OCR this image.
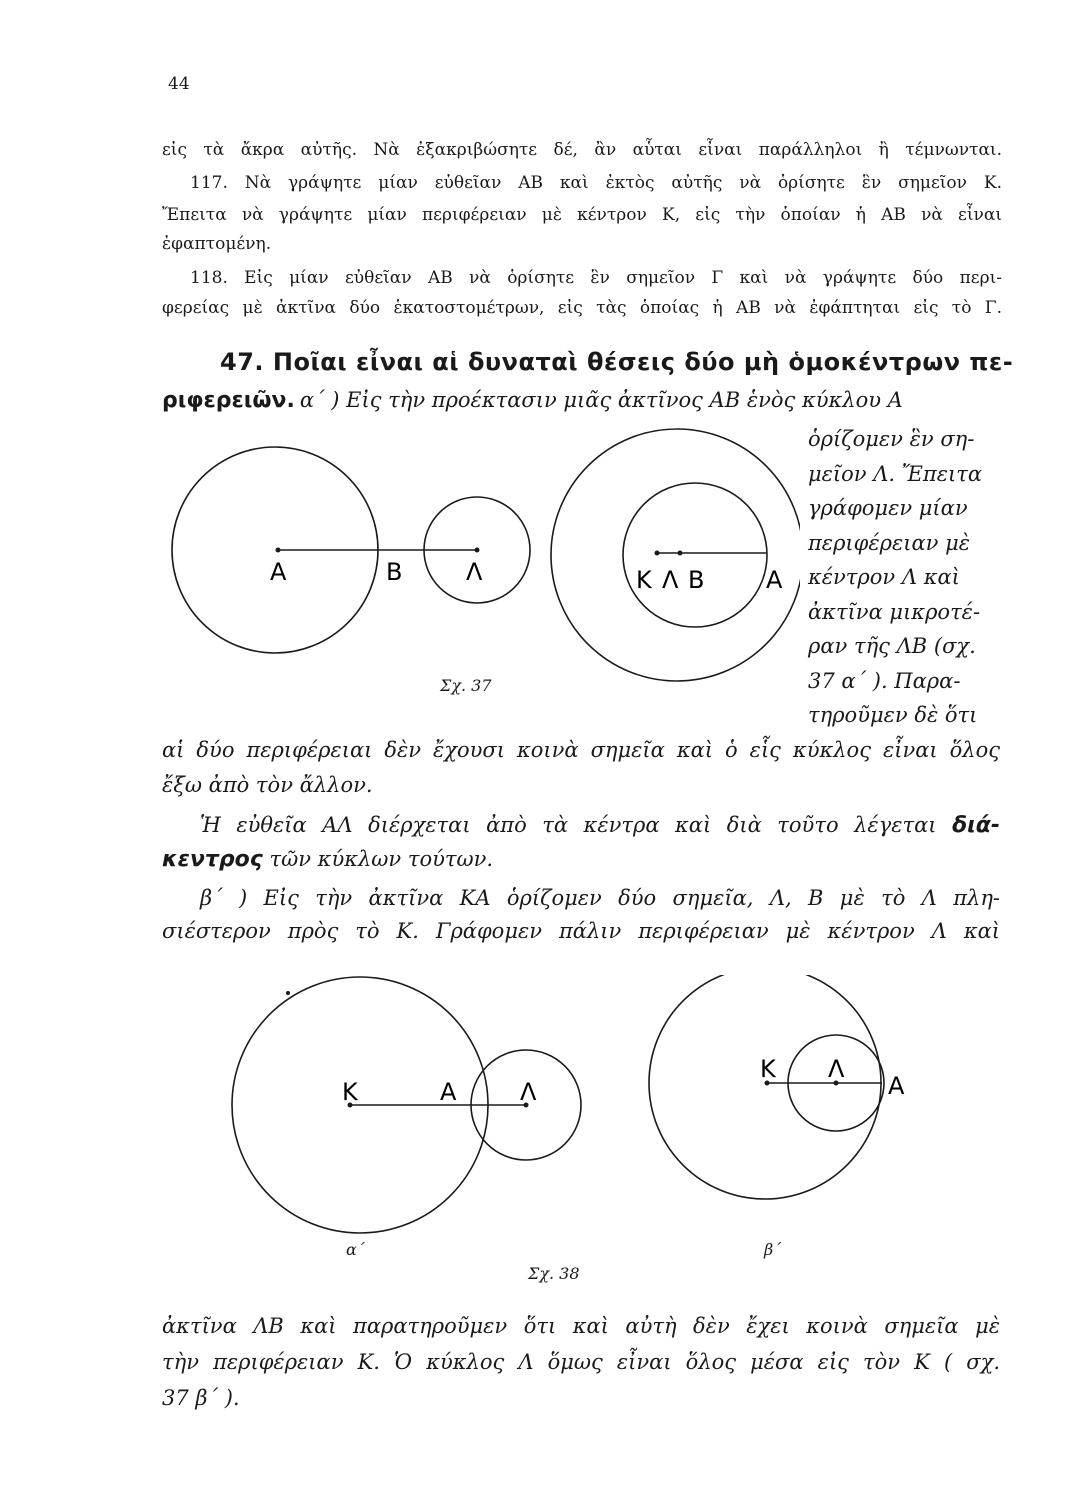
44
εἰς τὰ ἄκρα αὐτῆς. Νὰ ἐξακριβώσητε δέ, ἂν αὗται εἶναι παράλληλοι ἢ τέμνωνται.
117. Νὰ γράψητε μίαν εὐθεῖαν ΑΒ καὶ ἐκτὸς αὐτῆς νὰ ὁρίσητε ἓν σημεῖον Κ.
Ἔπειτα νὰ γράψητε μίαν περιφέρειαν μὲ κέντρον Κ, εἰς τὴν ὁποίαν ἡ ΑΒ νὰ εἶναι
ἐφαπτομένη.
118. Εἰς μίαν εὐθεῖαν ΑΒ νὰ ὁρίσητε ἓν σημεῖον Γ καὶ νὰ γράψητε δύο περι-
φερείας μὲ ἀκτῖνα δύο ἑκατοστομέτρων, εἰς τὰς ὁποίας ἡ ΑΒ νὰ ἐφάπτηται εἰς τὸ Γ.
47. Ποῖαι εἶναι αἱ δυναταὶ θέσεις δύο μὴ ὁμοκέντρων πε-
ριφερειῶν. α΄ ) Εἰς τὴν προέκτασιν μιᾶς ἀκτῖνος ΑΒ ἑνὸς κύκλου Α
ὁρίζομεν ἓν ση-
μεῖον Λ. Ἔπειτα
γράφομεν μίαν
περιφέρειαν μὲ
κέντρον Λ καὶ
ἀκτῖνα μικροτέ-
ραν τῆς ΛΒ (σχ.
37 α΄ ). Παρα-
τηροῦμεν δὲ ὅτι
Α	Β	Λ	Κ Λ Β	Α
Σχ. 37
αἱ δύο περιφέρειαι δὲν ἔχουσι κοινὰ σημεῖα καὶ ὁ εἷς κύκλος εἶναι ὅλος
ἔξω ἀπὸ τὸν ἄλλον.
Ἡ εὐθεῖα ΑΛ διέρχεται ἀπὸ τὰ κέντρα καὶ διὰ τοῦτο λέγεται διά-
κεντρος τῶν κύκλων τούτων.
β΄ ) Εἰς τὴν ἀκτῖνα ΚΑ ὁρίζομεν δύο σημεῖα, Λ, Β μὲ τὸ Λ πλη-
σιέστερον πρὸς τὸ Κ. Γράφομεν πάλιν περιφέρειαν μὲ κέντρον Λ καὶ
Κ	Α	Λ
Κ Λ
Α
α΄	β΄
Σχ. 38
ἀκτῖνα ΛΒ καὶ παρατηροῦμεν ὅτι καὶ αὐτὴ δὲν ἔχει κοινὰ σημεῖα μὲ
τὴν περιφέρειαν Κ. Ὁ κύκλος Λ ὅμως εἶναι ὅλος μέσα εἰς τὸν Κ ( σχ.
37 β΄ ).
